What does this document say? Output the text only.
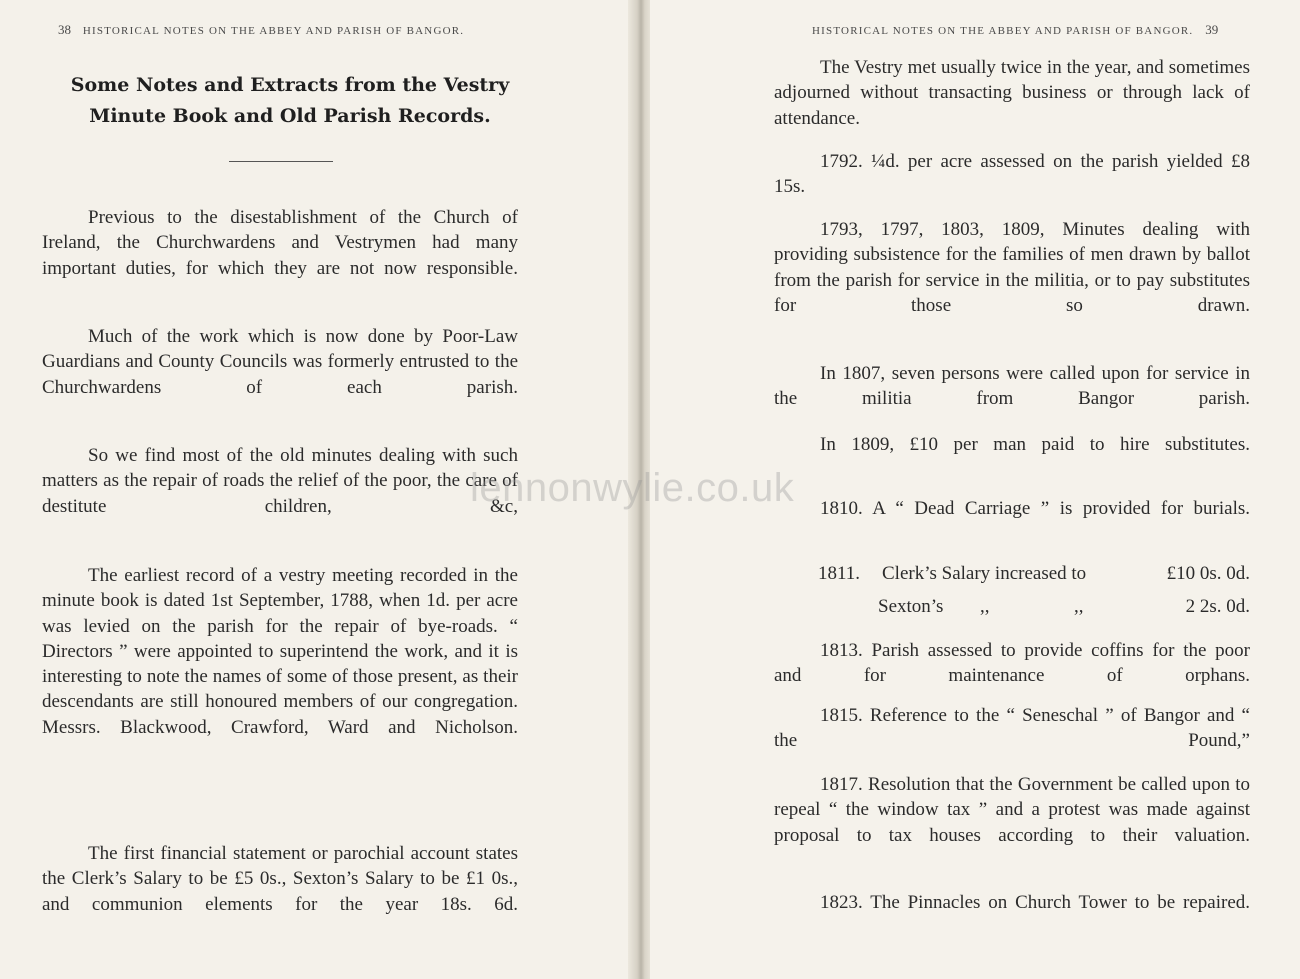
38 HISTORICAL NOTES ON THE ABBEY AND PARISH OF BANGOR.
Some Notes and Extracts from the Vestry
Minute Book and Old Parish Records.

Previous to the disestablishment of the Church of Ireland, the Churchwardens and Vestrymen had many important duties, for which they are not now responsible.

Much of the work which is now done by Poor-Law Guardians and County Councils was formerly entrusted to the Churchwardens of each parish.

So we find most of the old minutes dealing with such matters as the repair of roads the relief of the poor, the care of destitute children, &c,

The earliest record of a vestry meeting recorded in the minute book is dated 1st September, 1788, when 1d. per acre was levied on the parish for the repair of bye-roads. “ Directors ” were appointed to superintend the work, and it is interesting to note the names of some of those present, as their descendants are still honoured members of our congregation. Messrs. Blackwood, Crawford, Ward and Nicholson.

The first financial statement or parochial account states the Clerk’s Salary to be £5 0s., Sexton’s Salary to be £1 0s., and communion elements for the year 18s. 6d.

HISTORICAL NOTES ON THE ABBEY AND PARISH OF BANGOR. 39

The Vestry met usually twice in the year, and sometimes adjourned without transacting business or through lack of attendance.

1792. ¼d. per acre assessed on the parish yielded £8 15s.

1793, 1797, 1803, 1809, Minutes dealing with providing subsistence for the families of men drawn by ballot from the parish for service in the militia, or to pay substitutes for those so drawn.

In 1807, seven persons were called upon for service in the militia from Bangor parish.

In 1809, £10 per man paid to hire substitutes.

1810. A “ Dead Carriage ” is provided for burials.

1811. Clerk’s Salary increased to	£10 0s. 0d.
Sexton’s ,,	,,	2 2s. 0d.

1813. Parish assessed to provide coffins for the poor and for maintenance of orphans.

1815. Reference to the “ Seneschal ” of Bangor and “ the Pound,”

1817. Resolution that the Government be called upon to repeal “ the window tax ” and a protest was made against proposal to tax houses according to their valuation.

1823. The Pinnacles on Church Tower to be repaired.

lennonwylie.co.uk
